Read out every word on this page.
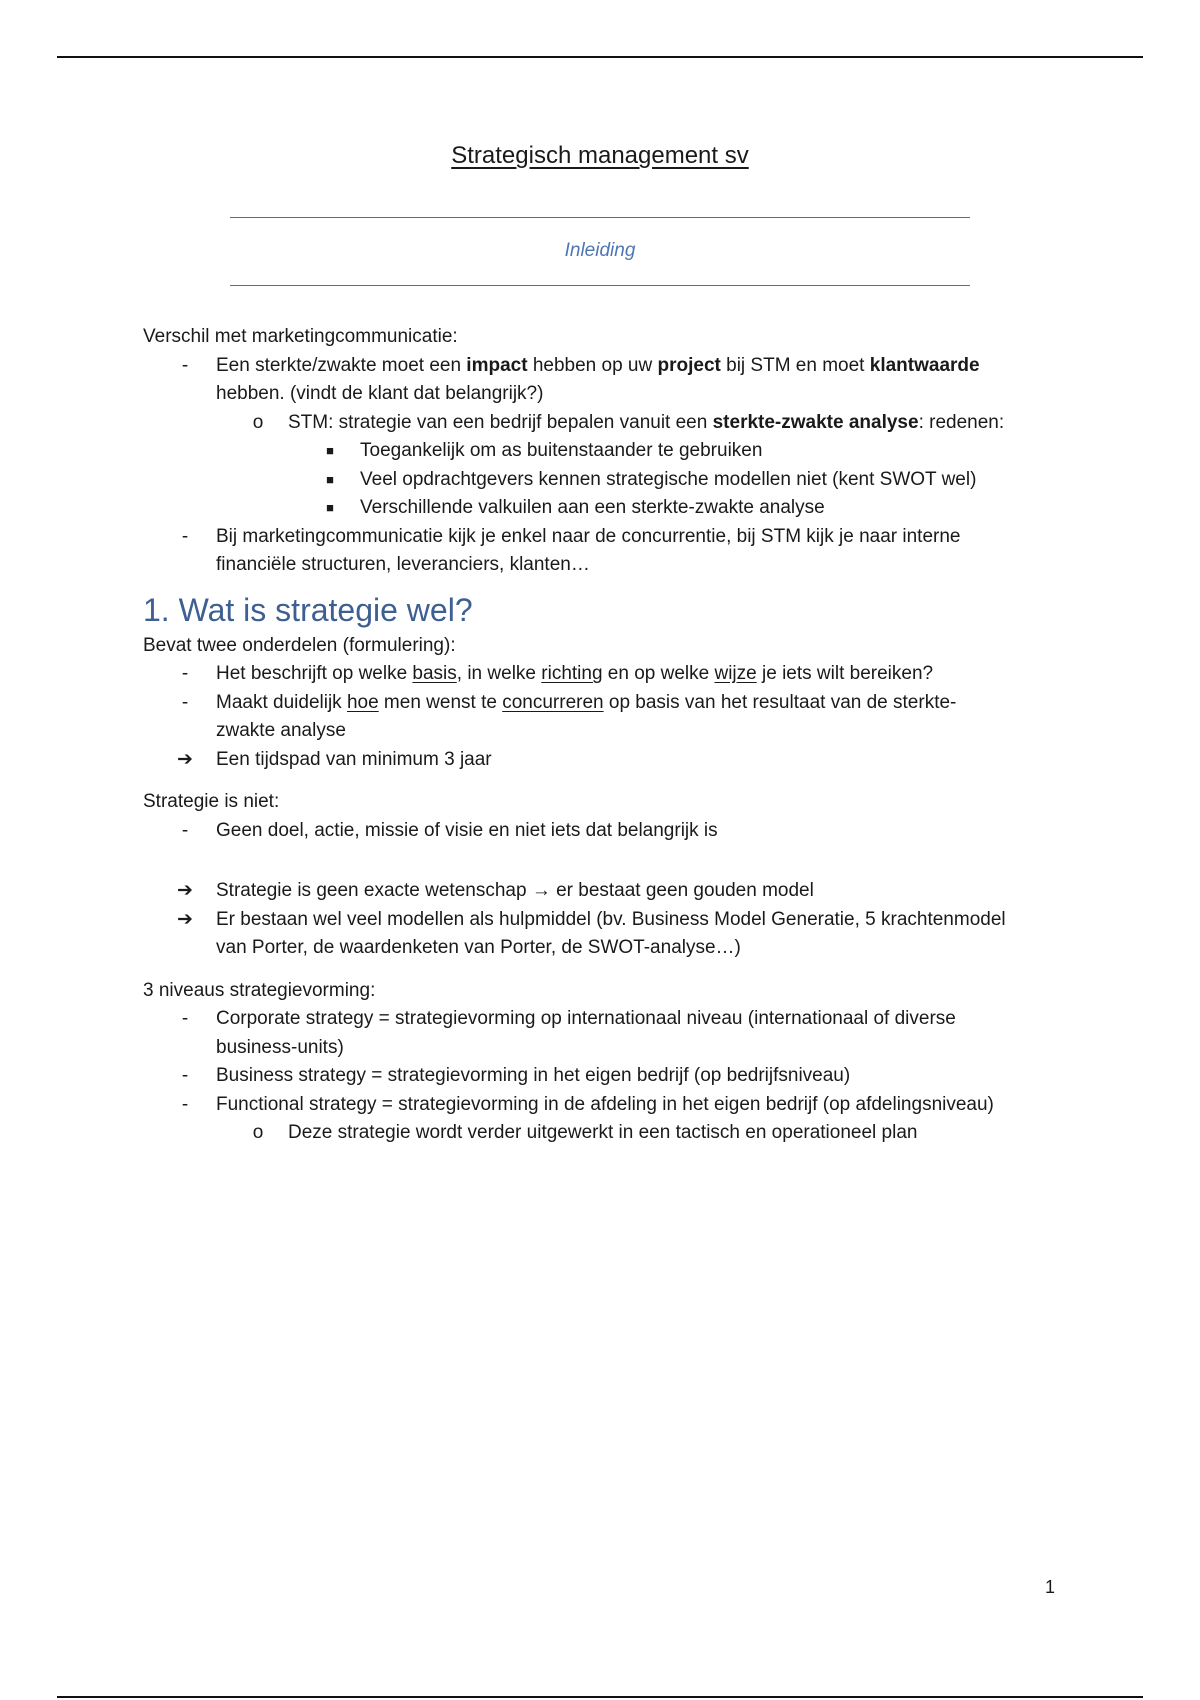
Strategisch management sv
Inleiding
Verschil met marketingcommunicatie:
- Een sterkte/zwakte moet een impact hebben op uw project bij STM en moet klantwaarde
hebben. (vindt de klant dat belangrijk?)
o STM: strategie van een bedrijf bepalen vanuit een sterkte-zwakte analyse: redenen:
■ Toegankelijk om as buitenstaander te gebruiken
■ Veel opdrachtgevers kennen strategische modellen niet (kent SWOT wel)
■ Verschillende valkuilen aan een sterkte-zwakte analyse
- Bij marketingcommunicatie kijk je enkel naar de concurrentie, bij STM kijk je naar interne
financiële structuren, leveranciers, klanten…
1. Wat is strategie wel?
Bevat twee onderdelen (formulering):
- Het beschrijft op welke basis, in welke richting en op welke wijze je iets wilt bereiken?
- Maakt duidelijk hoe men wenst te concurreren op basis van het resultaat van de sterkte-
zwakte analyse
➔ Een tijdspad van minimum 3 jaar
Strategie is niet:
- Geen doel, actie, missie of visie en niet iets dat belangrijk is
➔ Strategie is geen exacte wetenschap → er bestaat geen gouden model
➔ Er bestaan wel veel modellen als hulpmiddel (bv. Business Model Generatie, 5 krachtenmodel
van Porter, de waardenketen van Porter, de SWOT-analyse…)
3 niveaus strategievorming:
- Corporate strategy = strategievorming op internationaal niveau (internationaal of diverse
business-units)
- Business strategy = strategievorming in het eigen bedrijf (op bedrijfsniveau)
- Functional strategy = strategievorming in de afdeling in het eigen bedrijf (op afdelingsniveau)
o Deze strategie wordt verder uitgewerkt in een tactisch en operationeel plan
1
